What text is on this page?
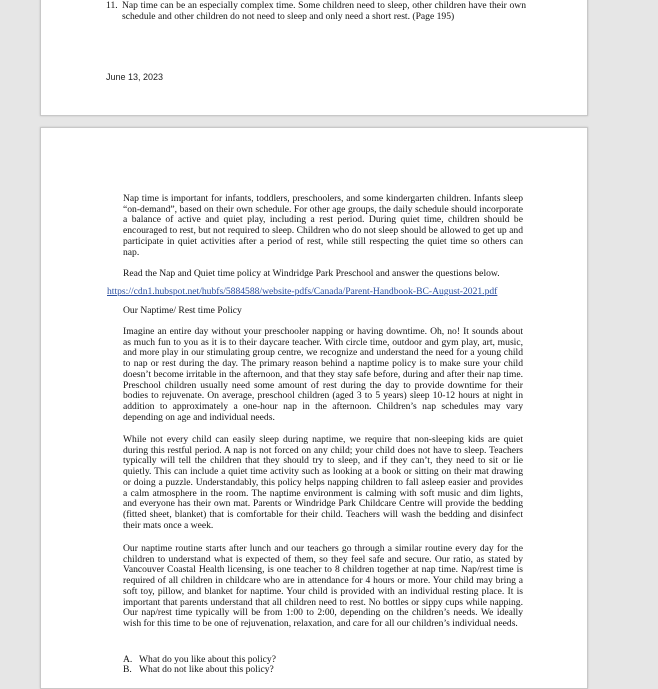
11. Nap time can be an especially complex time. Some children need to sleep, other children have their own schedule and other children do not need to sleep and only need a short rest. (Page 195)
June 13, 2023
Nap time is important for infants, toddlers, preschoolers, and some kindergarten children. Infants sleep “on-demand”, based on their own schedule. For other age groups, the daily schedule should incorporate a balance of active and quiet play, including a rest period. During quiet time, children should be encouraged to rest, but not required to sleep. Children who do not sleep should be allowed to get up and participate in quiet activities after a period of rest, while still respecting the quiet time so others can nap.
Read the Nap and Quiet time policy at Windridge Park Preschool and answer the questions below.
https://cdn1.hubspot.net/hubfs/5884588/website-pdfs/Canada/Parent-Handbook-BC-August-2021.pdf
Our Naptime/ Rest time Policy
Imagine an entire day without your preschooler napping or having downtime. Oh, no! It sounds about as much fun to you as it is to their daycare teacher. With circle time, outdoor and gym play, art, music, and more play in our stimulating group centre, we recognize and understand the need for a young child to nap or rest during the day. The primary reason behind a naptime policy is to make sure your child doesn’t become irritable in the afternoon, and that they stay safe before, during and after their nap time. Preschool children usually need some amount of rest during the day to provide downtime for their bodies to rejuvenate. On average, preschool children (aged 3 to 5 years) sleep 10-12 hours at night in addition to approximately a one-hour nap in the afternoon. Children’s nap schedules may vary depending on age and individual needs.
While not every child can easily sleep during naptime, we require that non-sleeping kids are quiet during this restful period. A nap is not forced on any child; your child does not have to sleep. Teachers typically will tell the children that they should try to sleep, and if they can’t, they need to sit or lie quietly. This can include a quiet time activity such as looking at a book or sitting on their mat drawing or doing a puzzle. Understandably, this policy helps napping children to fall asleep easier and provides a calm atmosphere in the room. The naptime environment is calming with soft music and dim lights, and everyone has their own mat. Parents or Windridge Park Childcare Centre will provide the bedding (fitted sheet, blanket) that is comfortable for their child. Teachers will wash the bedding and disinfect their mats once a week.
Our naptime routine starts after lunch and our teachers go through a similar routine every day for the children to understand what is expected of them, so they feel safe and secure. Our ratio, as stated by Vancouver Coastal Health licensing, is one teacher to 8 children together at nap time. Nap/rest time is required of all children in childcare who are in attendance for 4 hours or more. Your child may bring a soft toy, pillow, and blanket for naptime. Your child is provided with an individual resting place. It is important that parents understand that all children need to rest. No bottles or sippy cups while napping. Our nap/rest time typically will be from 1:00 to 2:00, depending on the children’s needs. We ideally wish for this time to be one of rejuvenation, relaxation, and care for all our children’s individual needs.
A. What do you like about this policy?
B. What do not like about this policy?
